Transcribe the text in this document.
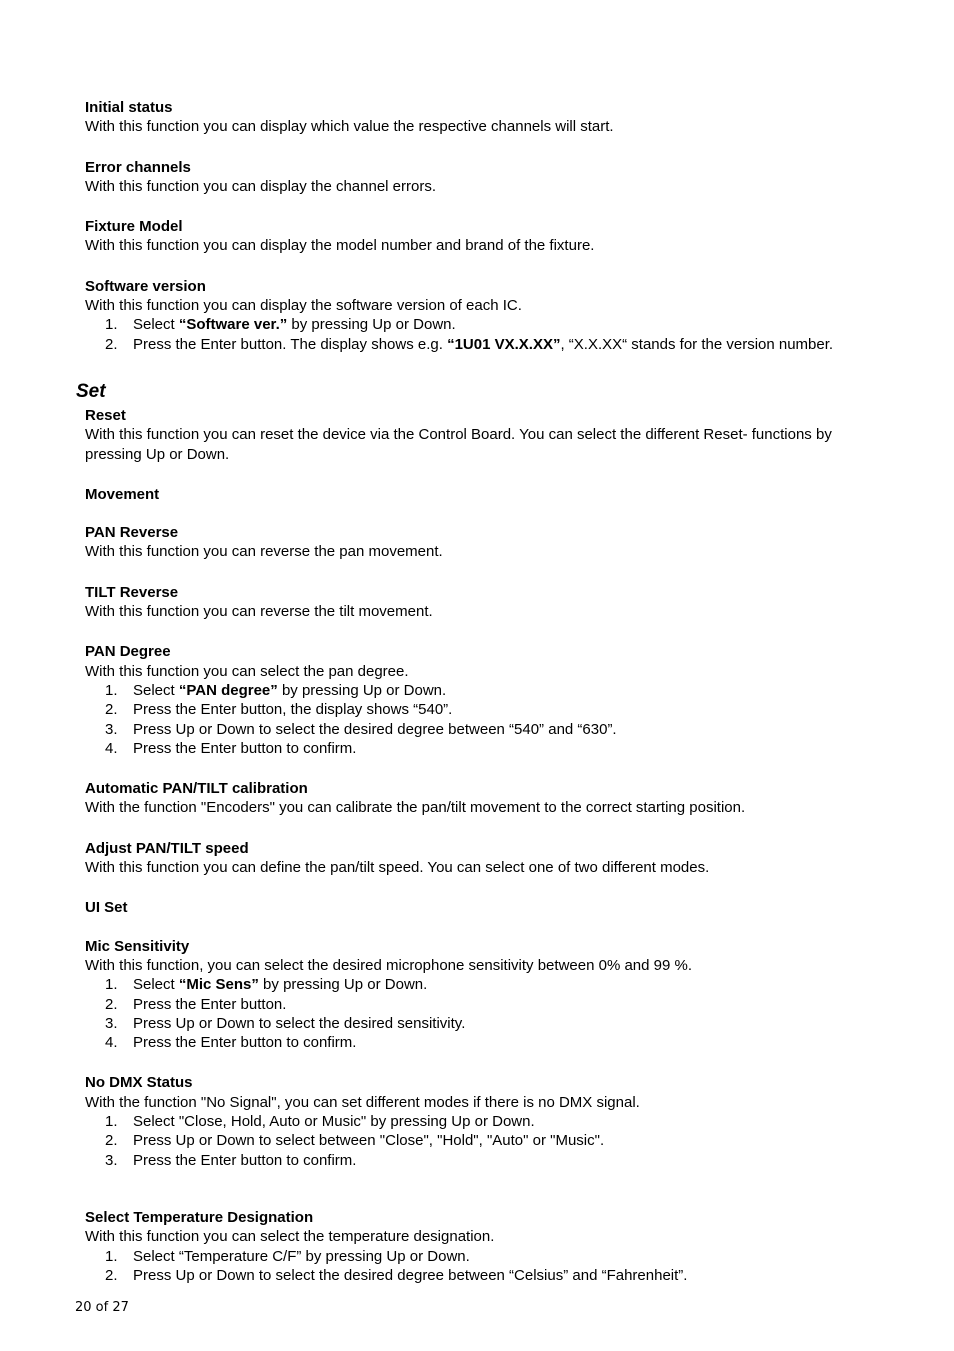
Initial status
With this function you can display which value the respective channels will start.
Error channels
With this function you can display the channel errors.
Fixture Model
With this function you can display the model number and brand of the fixture.
Software version
With this function you can display the software version of each IC.
1.	Select “Software ver.” by pressing Up or Down.
2.	Press the Enter button. The display shows e.g. “1U01 VX.X.XX”, “X.X.XX“ stands for the version number.
Set
Reset
With this function you can reset the device via the Control Board. You can select the different Reset- functions by pressing Up or Down.
Movement
PAN Reverse
With this function you can reverse the pan movement.
TILT Reverse
With this function you can reverse the tilt movement.
PAN Degree
With this function you can select the pan degree.
1.	Select “PAN degree” by pressing Up or Down.
2.	Press the Enter button, the display shows “540”.
3.	Press Up or Down to select the desired degree between “540” and “630”.
4.	Press the Enter button to confirm.
Automatic PAN/TILT calibration
With the function "Encoders" you can calibrate the pan/tilt movement to the correct starting position.
Adjust PAN/TILT speed
With this function you can define the pan/tilt speed. You can select one of two different modes.
UI Set
Mic Sensitivity
With this function, you can select the desired microphone sensitivity between 0% and 99 %.
1.	Select “Mic Sens” by pressing Up or Down.
2.	Press the Enter button.
3.	Press Up or Down to select the desired sensitivity.
4.	Press the Enter button to confirm.
No DMX Status
With the function "No Signal", you can set different modes if there is no DMX signal.
1.	Select "Close, Hold, Auto or Music" by pressing Up or Down.
2.	Press Up or Down to select between "Close", "Hold", "Auto" or "Music".
3.	Press the Enter button to confirm.
Select Temperature Designation
With this function you can select the temperature designation.
1.	Select “Temperature C/F” by pressing Up or Down.
2.	Press Up or Down to select the desired degree between “Celsius” and “Fahrenheit”.
20 of 27
